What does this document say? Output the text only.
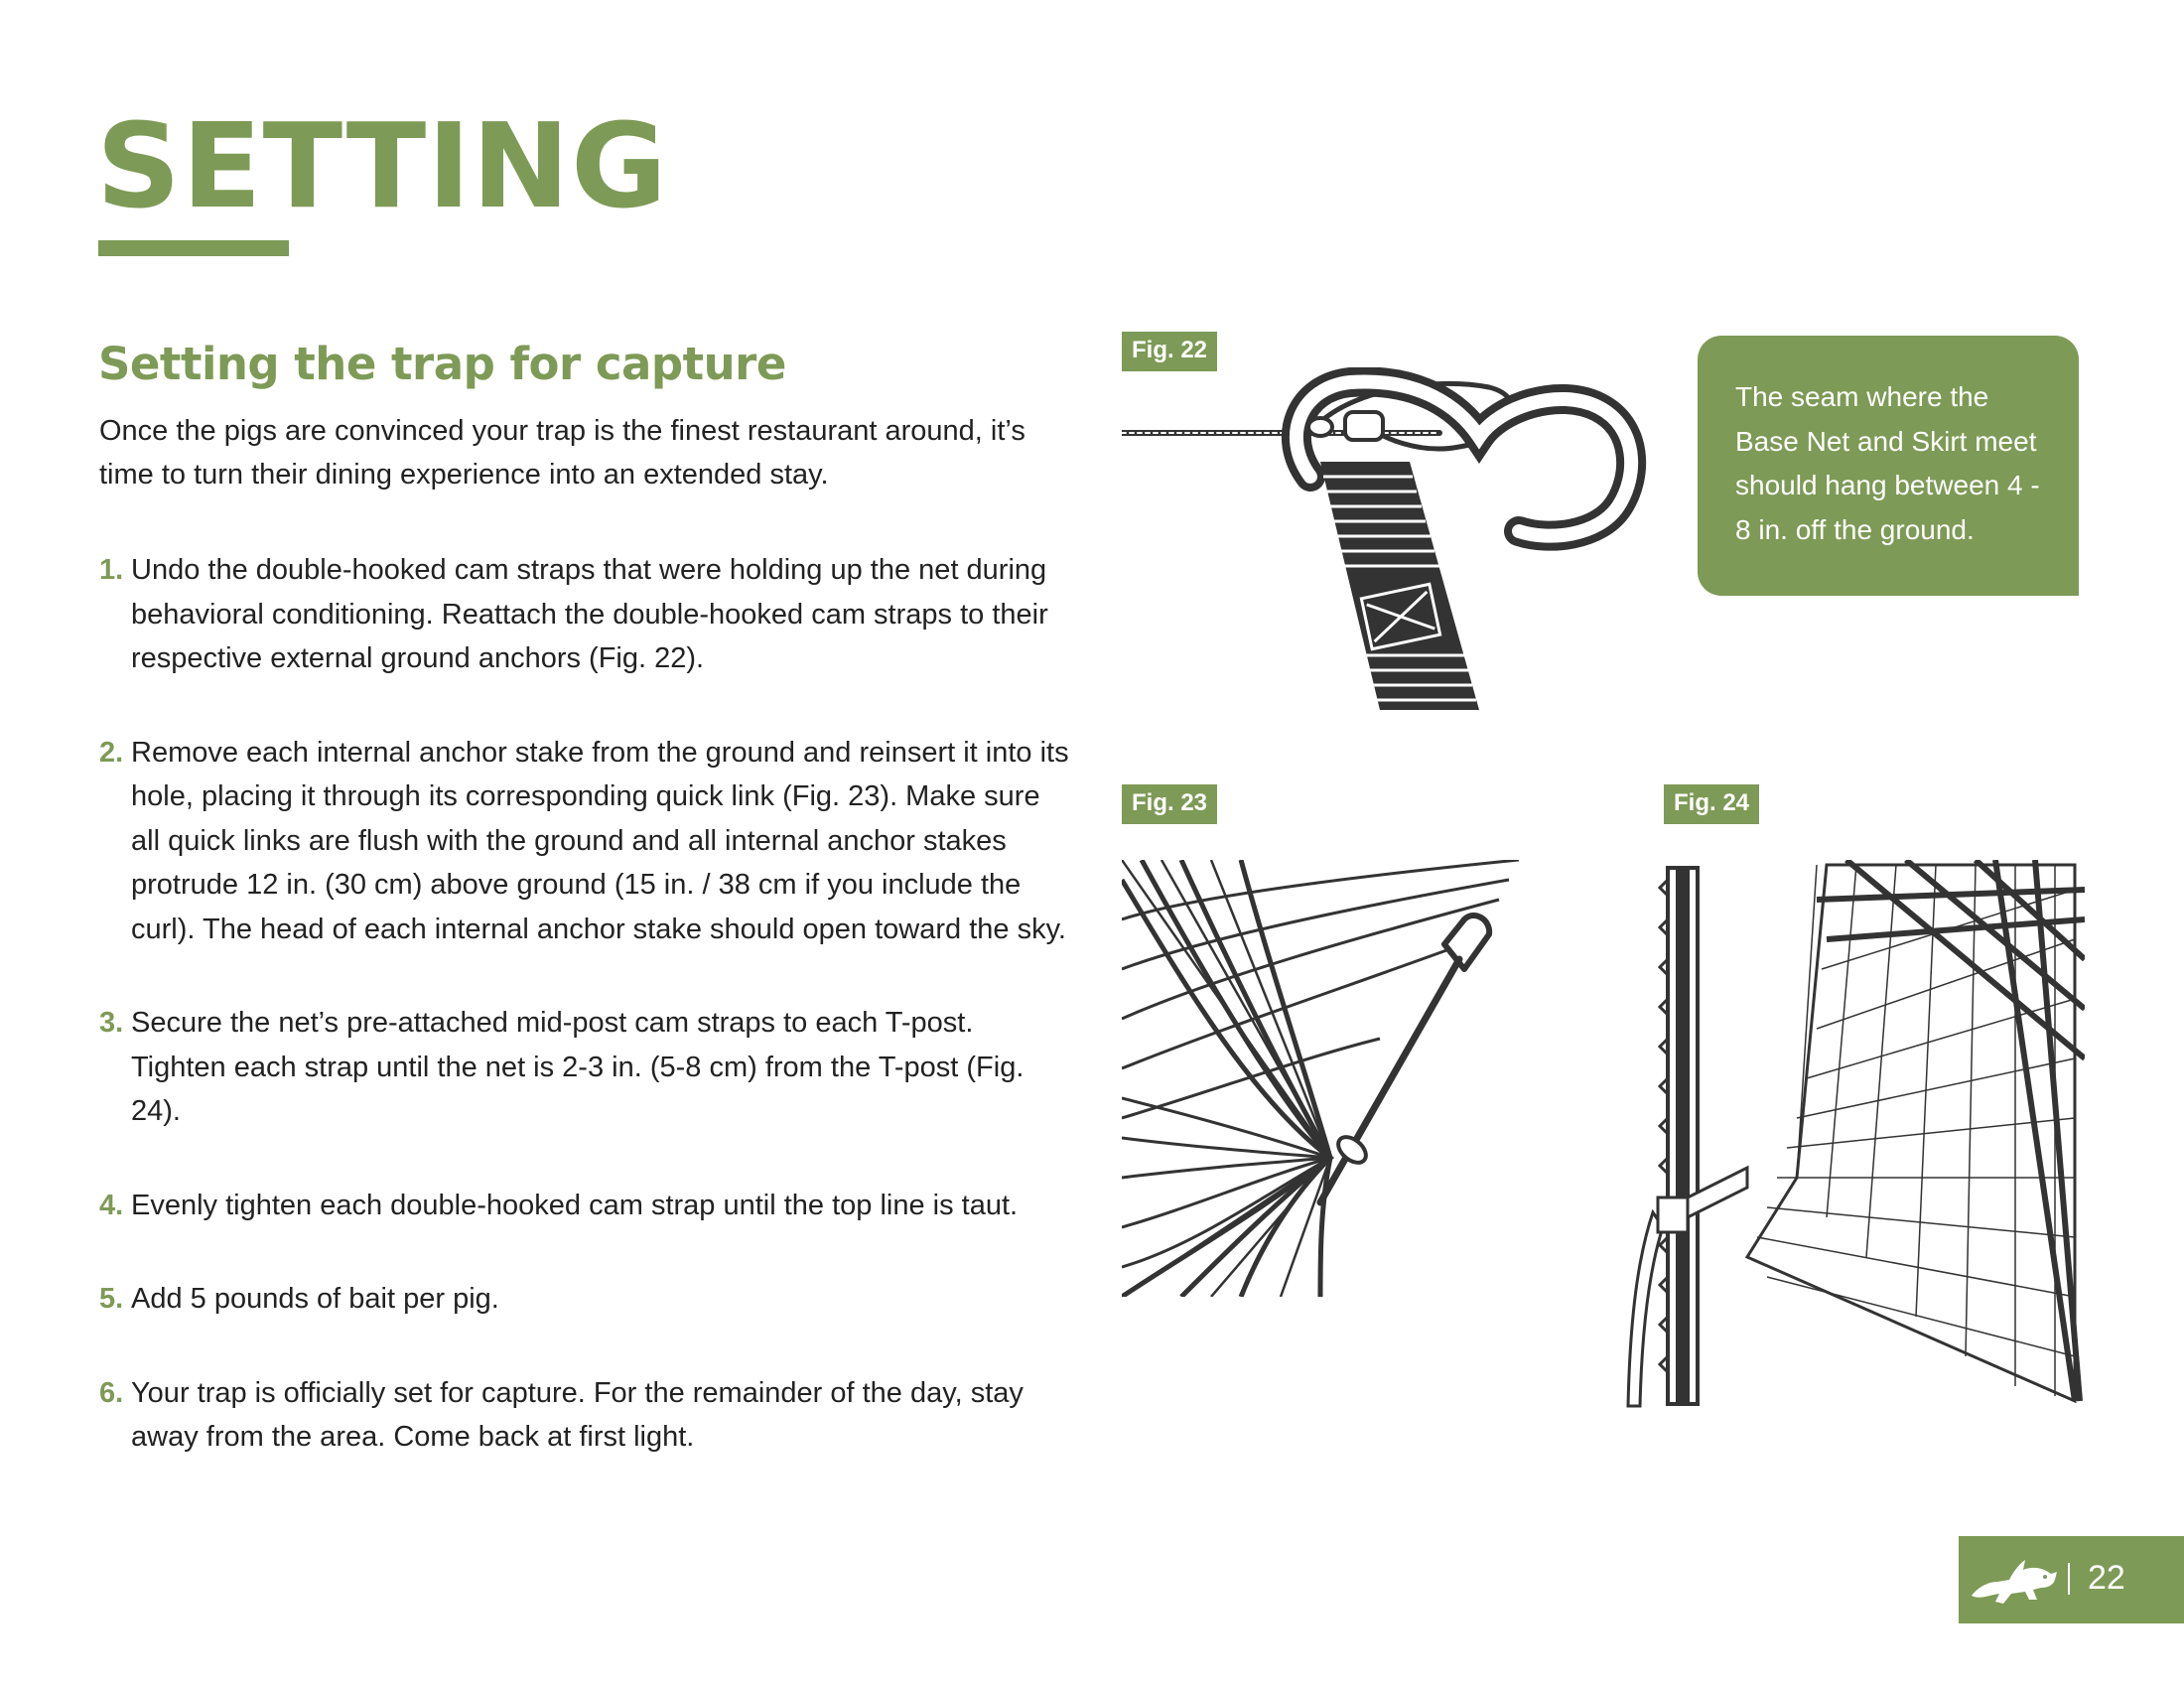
SETTING
Setting the trap for capture

Once the pigs are convinced your trap is the finest restaurant around, it’s time to turn their dining experience into an extended stay.

1. Undo the double-hooked cam straps that were holding up the net during behavioral conditioning. Reattach the double-hooked cam straps to their respective external ground anchors (Fig. 22).
2. Remove each internal anchor stake from the ground and reinsert it into its hole, placing it through its corresponding quick link (Fig. 23). Make sure all quick links are flush with the ground and all internal anchor stakes protrude 12 in. (30 cm) above ground (15 in. / 38 cm if you include the curl). The head of each internal anchor stake should open toward the sky.
3. Secure the net’s pre-attached mid-post cam straps to each T-post. Tighten each strap until the net is 2-3 in. (5-8 cm) from the T-post (Fig. 24).
4. Evenly tighten each double-hooked cam strap until the top line is taut.
5. Add 5 pounds of bait per pig.
6. Your trap is officially set for capture. For the remainder of the day, stay away from the area. Come back at first light.
Fig. 22

The seam where the Base Net and Skirt meet should hang between 4 - 8 in. off the ground.

Fig. 23	Fig. 24
22
